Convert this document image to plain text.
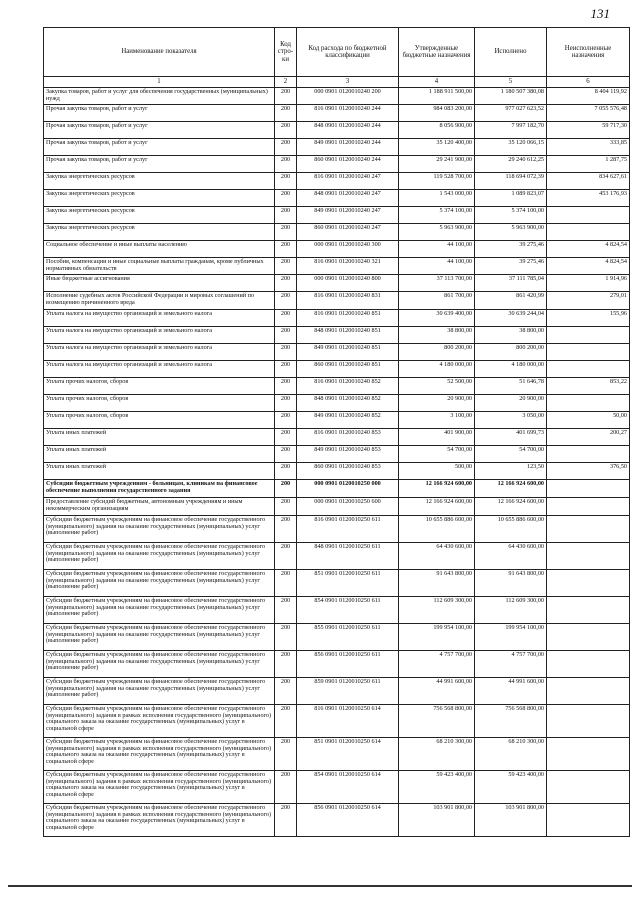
131
Наименование показателя	Код стро-ки	Код расхода по бюджетной классификации	Утвержденные бюджетные назначения	Исполнено	Неисполненные назначения
1	2	3	4	5	6
Закупка товаров, работ и услуг для обеспечения государственных (муниципальных) нужд	200	000 0901 0120010240 200	1 188 911 500,00	1 180 507 380,08	8 404 119,92
Прочая закупка товаров, работ и услуг	200	816 0901 0120010240 244	984 083 200,00	977 027 623,52	7 055 576,48
Прочая закупка товаров, работ и услуг	200	848 0901 0120010240 244	8 056 900,00	7 997 182,70	59 717,30
Прочая закупка товаров, работ и услуг	200	849 0901 0120010240 244	35 120 400,00	35 120 066,15	333,85
Прочая закупка товаров, работ и услуг	200	860 0901 0120010240 244	29 241 900,00	29 240 612,25	1 287,75
Закупка энергетических ресурсов	200	816 0901 0120010240 247	119 528 700,00	118 694 072,39	834 627,61
Закупка энергетических ресурсов	200	848 0901 0120010240 247	1 543 000,00	1 089 823,07	453 176,93
Закупка энергетических ресурсов	200	849 0901 0120010240 247	5 374 100,00	5 374 100,00	
Закупка энергетических ресурсов	200	860 0901 0120010240 247	5 963 900,00	5 963 900,00	
Социальное обеспечение и иные выплаты населению	200	000 0901 0120010240 300	44 100,00	39 275,46	4 824,54
Пособия, компенсации и иные социальные выплаты гражданам, кроме публичных нормативных обязательств	200	816 0901 0120010240 321	44 100,00	39 275,46	4 824,54
Иные бюджетные ассигнования	200	000 0901 0120010240 800	37 113 700,00	37 111 785,04	1 914,96
Исполнение судебных актов Российской Федерации и мировых соглашений по возмещению причиненного вреда	200	816 0901 0120010240 831	861 700,00	861 420,99	279,01
Уплата налога на имущество организаций и земельного налога	200	816 0901 0120010240 851	30 639 400,00	30 639 244,04	155,96
Уплата налога на имущество организаций и земельного налога	200	848 0901 0120010240 851	38 800,00	38 800,00	
Уплата налога на имущество организаций и земельного налога	200	849 0901 0120010240 851	800 200,00	800 200,00	
Уплата налога на имущество организаций и земельного налога	200	860 0901 0120010240 851	4 180 000,00	4 180 000,00	
Уплата прочих налогов, сборов	200	816 0901 0120010240 852	52 500,00	51 646,78	853,22
Уплата прочих налогов, сборов	200	848 0901 0120010240 852	20 900,00	20 900,00	
Уплата прочих налогов, сборов	200	849 0901 0120010240 852	3 100,00	3 050,00	50,00
Уплата иных платежей	200	816 0901 0120010240 853	401 900,00	401 699,73	200,27
Уплата иных платежей	200	849 0901 0120010240 853	54 700,00	54 700,00	
Уплата иных платежей	200	860 0901 0120010240 853	500,00	123,50	376,50
Субсидии бюджетным учреждениям - больницам, клиникам на финансовое обеспечение выполнения государственного задания	200	000 0901 0120010250 000	12 166 924 600,00	12 166 924 600,00	
Предоставление субсидий бюджетным, автономным учреждениям и иным некоммерческим организациям	200	000 0901 0120010250 600	12 166 924 600,00	12 166 924 600,00	
Субсидии бюджетным учреждениям на финансовое обеспечение государственного (муниципального) задания на оказание государственных (муниципальных) услуг (выполнение работ)	200	816 0901 0120010250 611	10 655 886 600,00	10 655 886 600,00	
Субсидии бюджетным учреждениям на финансовое обеспечение государственного (муниципального) задания на оказание государственных (муниципальных) услуг (выполнение работ)	200	848 0901 0120010250 611	64 430 600,00	64 430 600,00	
Субсидии бюджетным учреждениям на финансовое обеспечение государственного (муниципального) задания на оказание государственных (муниципальных) услуг (выполнение работ)	200	851 0901 0120010250 611	91 643 800,00	91 643 800,00	
Субсидии бюджетным учреждениям на финансовое обеспечение государственного (муниципального) задания на оказание государственных (муниципальных) услуг (выполнение работ)	200	854 0901 0120010250 611	112 609 300,00	112 609 300,00	
Субсидии бюджетным учреждениям на финансовое обеспечение государственного (муниципального) задания на оказание государственных (муниципальных) услуг (выполнение работ)	200	855 0901 0120010250 611	199 954 100,00	199 954 100,00	
Субсидии бюджетным учреждениям на финансовое обеспечение государственного (муниципального) задания на оказание государственных (муниципальных) услуг (выполнение работ)	200	856 0901 0120010250 611	4 757 700,00	4 757 700,00	
Субсидии бюджетным учреждениям на финансовое обеспечение государственного (муниципального) задания на оказание государственных (муниципальных) услуг (выполнение работ)	200	859 0901 0120010250 611	44 991 600,00	44 991 600,00	
Субсидии бюджетным учреждениям на финансовое обеспечение государственного (муниципального) задания в рамках исполнения государственного (муниципального) социального заказа на оказание государственных (муниципальных) услуг в социальной сфере	200	816 0901 0120010250 614	756 568 800,00	756 568 800,00	
Субсидии бюджетным учреждениям на финансовое обеспечение государственного (муниципального) задания в рамках исполнения государственного (муниципального) социального заказа на оказание государственных (муниципальных) услуг в социальной сфере	200	851 0901 0120010250 614	68 210 300,00	68 210 300,00	
Субсидии бюджетным учреждениям на финансовое обеспечение государственного (муниципального) задания в рамках исполнения государственного (муниципального) социального заказа на оказание государственных (муниципальных) услуг в социальной сфере	200	854 0901 0120010250 614	59 423 400,00	59 423 400,00	
Субсидии бюджетным учреждениям на финансовое обеспечение государственного (муниципального) задания в рамках исполнения государственного (муниципального) социального заказа на оказание государственных (муниципальных) услуг в социальной сфере	200	856 0901 0120010250 614	103 901 800,00	103 901 800,00	
